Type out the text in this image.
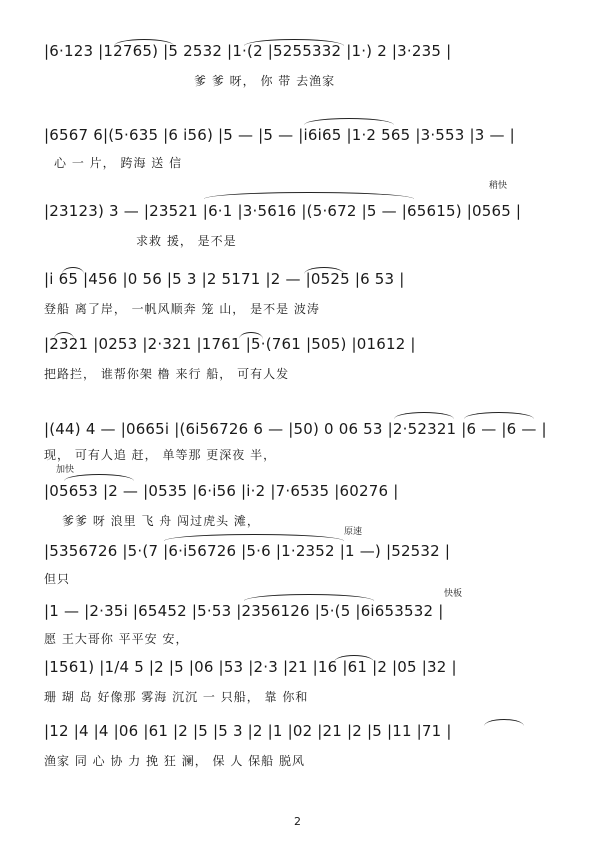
|6·123 |12765) |5 2532 |1·(2 |5255332 |1·) 2 |3·235 |
爹 爹 呀， 你 带 去渔家
|6567 6|(5·635 |6 i56) |5 — |5 — |i6i65 |1·2 565 |3·553 |3 — |
心 一 片， 跨海 送 信
稍快
|23123) 3 — |23521 |6·1 |3·5616 |(5·672 |5 — |65615) |0565 |
求救 援， 是不是
|i 65 |456 |0 56 |5 3 |2 5171 |2 — |0525 |6 53 |
登船 离了岸， 一帆风顺奔 笼 山， 是不是 波涛
|2321 |0253 |2·321 |1761 |5·(761 |505) |01612 |
把路拦， 谁帮你架 橹 来行 船， 可有人发
|(44) 4 — |0665i |(6i56726 6 — |50) 0 06 53 |2·52321 |6 — |6 — |
现， 可有人追 赶， 单等那 更深夜 半，
加快
|05653 |2 — |0535 |6·i56 |i·2 |7·6535 |60276 |
爹爹 呀 浪里 飞 舟 闯过虎头 滩，
原速
|5356726 |5·(7 |6·i56726 |5·6 |1·2352 |1 —) |52532 |
但只
快板
|1 — |2·35i |65452 |5·53 |2356126 |5·(5 |6i653532 |
愿 王大哥你 平平安 安，
|1561) |1/4 5 |2 |5 |06 |53 |2·3 |21 |16 |61 |2 |05 |32 |
珊 瑚 岛 好像那 雾海 沉沉 一 只船， 靠 你和
|12 |4 |4 |06 |61 |2 |5 |5 3 |2 |1 |02 |21 |2 |5 |11 |71 |
渔家 同 心 协 力 挽 狂 澜， 保 人 保船 脱风
2
